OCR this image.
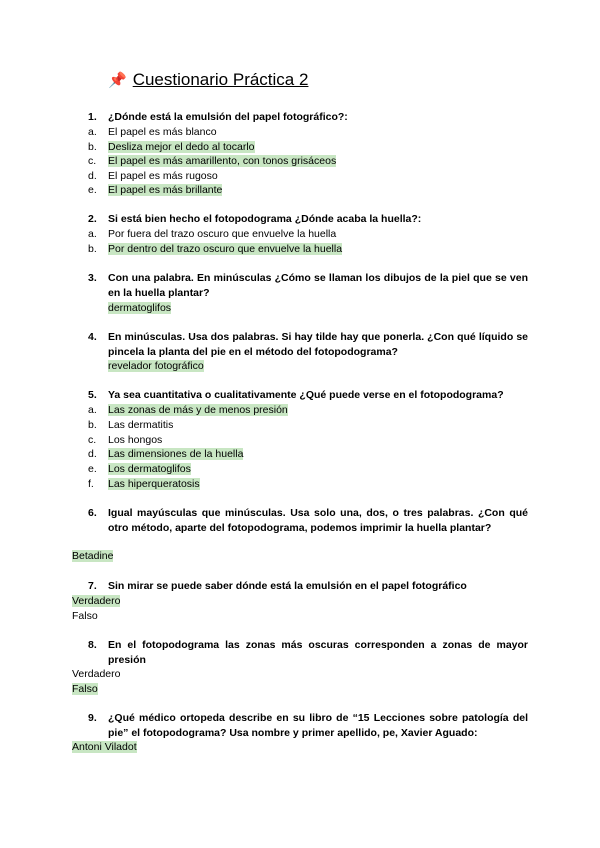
📌 Cuestionario Práctica 2
1.	¿Dónde está la emulsión del papel fotográfico?:
a. El papel es más blanco
b. Desliza mejor el dedo al tocarlo
c. El papel es más amarillento, con tonos grisáceos
d. El papel es más rugoso
e. El papel es más brillante
2.	Si está bien hecho el fotopodograma ¿Dónde acaba la huella?:
a. Por fuera del trazo oscuro que envuelve la huella
b. Por dentro del trazo oscuro que envuelve la huella
3.	Con una palabra. En minúsculas ¿Cómo se llaman los dibujos de la piel que se ven en la huella plantar?
dermatoglifos
4.	En minúsculas. Usa dos palabras. Si hay tilde hay que ponerla. ¿Con qué líquido se pincela la planta del pie en el método del fotopodograma?
revelador fotográfico
5.	Ya sea cuantitativa o cualitativamente ¿Qué puede verse en el fotopodograma?
a. Las zonas de más y de menos presión
b. Las dermatitis
c. Los hongos
d. Las dimensiones de la huella
e. Los dermatoglifos
f. Las hiperqueratosis
6.	Igual mayúsculas que minúsculas. Usa solo una, dos, o tres palabras. ¿Con qué otro método, aparte del fotopodograma, podemos imprimir la huella plantar?
Betadine
7.	Sin mirar se puede saber dónde está la emulsión en el papel fotográfico
Verdadero
Falso
8.	En el fotopodograma las zonas más oscuras corresponden a zonas de mayor presión
Verdadero
Falso
9.	¿Qué médico ortopeda describe en su libro de “15 Lecciones sobre patología del pie” el fotopodograma? Usa nombre y primer apellido, pe, Xavier Aguado:
Antoni Viladot
